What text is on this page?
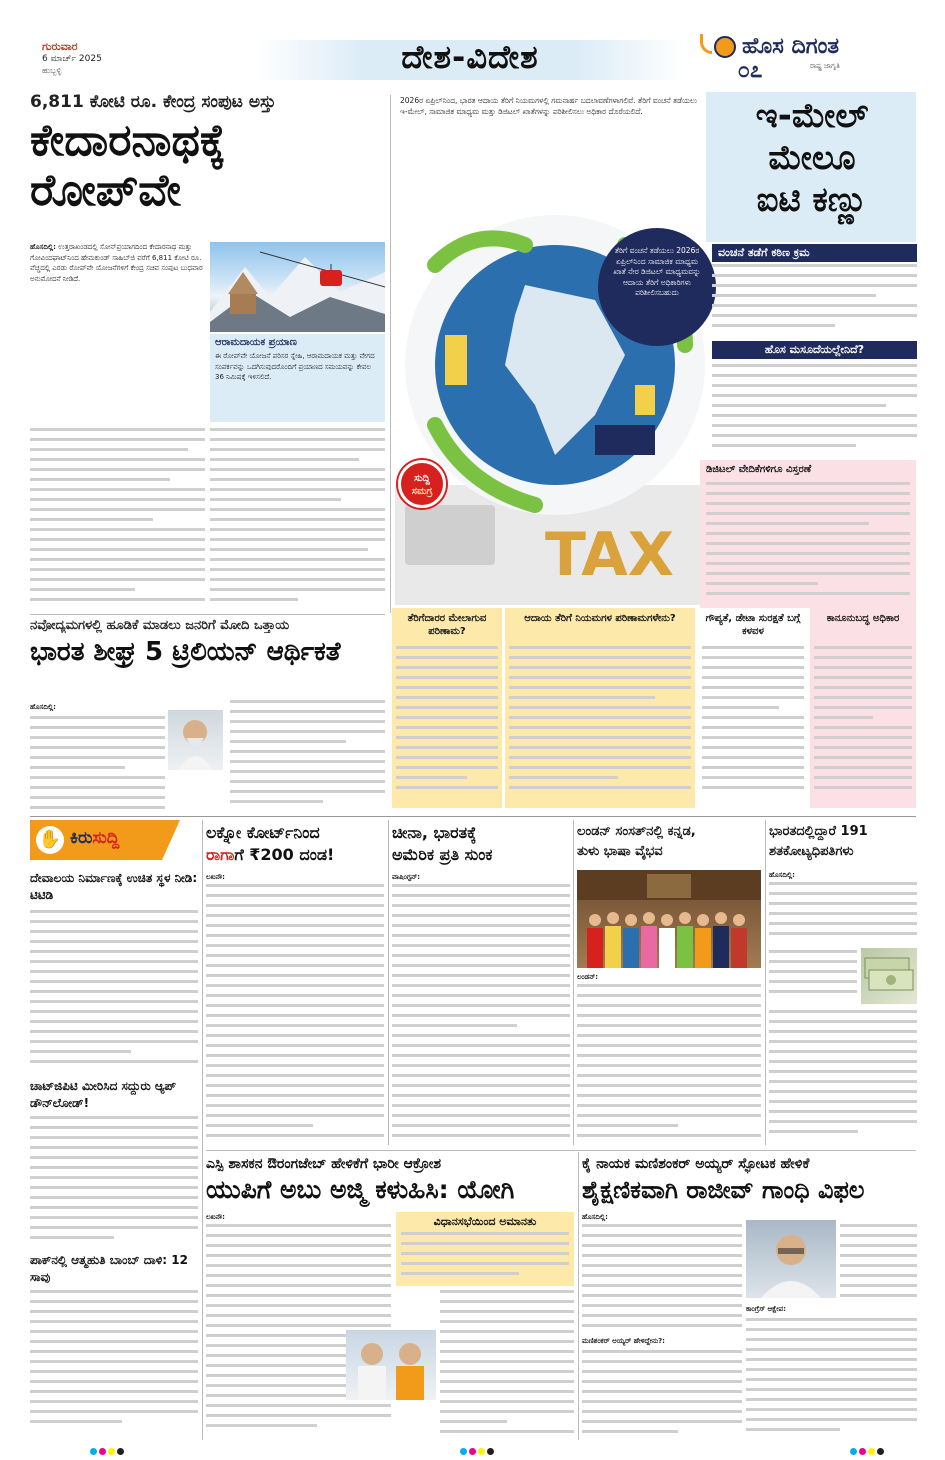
ಗುರುವಾರ
6 ಮಾರ್ಚ್ 2025
ಹುಬ್ಬಳ್ಳಿ	ದೇಶ-ವಿದೇಶ	ಹೊಸ ದಿಗಂತ
ರಾಷ್ಟ್ರ ಜಾಗೃತಿ
೦೭
6,811 ಕೋಟಿ ರೂ. ಕೇಂದ್ರ ಸಂಪುಟ ಅಸ್ತು
ಕೇದಾರನಾಥಕ್ಕೆ
ರೋಪ್‌ವೇ
ಹೊಸದಿಲ್ಲಿ: ಉತ್ತರಾಖಂಡದಲ್ಲಿ ಸೋನ್‌ಪ್ರಯಾಗದಿಂದ ಕೇದಾರನಾಥ ಮತ್ತು ಗೋವಿಂದಘಾಟ್‌ನಿಂದ ಹೇಮಕುಂಡ್ ಸಾಹಿಬ್‌ಜಿ ವರೆಗೆ 6,811 ಕೋಟಿ ರೂ. ವೆಚ್ಚದಲ್ಲಿ ಎರಡು ರೋಪ್‌ವೇ ಯೋಜನೆಗಳಿಗೆ ಕೇಂದ್ರ ಸಚಿವ ಸಂಪುಟ ಬುಧವಾರ ಅನುಮೋದನೆ ನೀಡಿದೆ.
ಆರಾಮದಾಯಕ ಪ್ರಯಾಣ
ಈ ರೋಪ್‌ವೇ ಯೋಜನೆ ಪರಿಸರ ಸ್ನೇಹಿ, ಆರಾಮದಾಯಕ ಮತ್ತು ವೇಗದ ಸಂಪರ್ಕವನ್ನು ಒದಗಿಸುವುದರೊಂದಿಗೆ ಪ್ರಯಾಣದ ಸಮಯವನ್ನು ಕೇವಲ 36 ನಿಮಿಷಕ್ಕೆ ಇಳಿಸಲಿದೆ.
2026ರ ಏಪ್ರಿಲ್‌ನಿಂದ, ಭಾರತ ಆದಾಯ ತೆರಿಗೆ ನಿಯಮಗಳಲ್ಲಿ ಗಮನಾರ್ಹ ಬದಲಾವಣೆಗಳಾಗಲಿವೆ. ತೆರಿಗೆ ವಂಚನೆ ತಡೆಯಲು ಇ-ಮೇಲ್, ಸಾಮಾಜಿಕ ಮಾಧ್ಯಮ ಮತ್ತು ಡಿಜಿಟಲ್ ಖಾತೆಗಳನ್ನು ಪರಿಶೀಲಿಸಲು ಅಧಿಕಾರ ದೊರೆಯಲಿದೆ.
TAX
ಸುದ್ದಿ
ಸಮಗ್ರ
ತೆರಿಗೆ ವಂಚನೆ ತಡೆಯಲು 2026ರ ಏಪ್ರಿಲ್‌ನಿಂದ ಸಾಮಾಜಿಕ ಮಾಧ್ಯಮ ಖಾತೆ ನೇರ ಡಿಜಿಟಲ್ ಮಾಧ್ಯಮವನ್ನು ಆದಾಯ ತೆರಿಗೆ ಅಧಿಕಾರಿಗಳು ಪರಿಶೀಲಿಸಬಹುದು
ಇ-ಮೇಲ್
ಮೇಲೂ
ಐಟಿ ಕಣ್ಣು
ವಂಚನೆ ತಡೆಗೆ ಕಠಿಣ ಕ್ರಮ
ಹೊಸ ಮಸೂದೆಯಲ್ಲೇನಿದೆ?
ಡಿಜಿಟಲ್ ವೇದಿಕೆಗಳಿಗೂ ವಿಸ್ತರಣೆ
ನವೋದ್ಯಮಗಳಲ್ಲಿ ಹೂಡಿಕೆ ಮಾಡಲು ಜನರಿಗೆ ಮೋದಿ ಒತ್ತಾಯ
ಭಾರತ ಶೀಘ್ರ 5 ಟ್ರಿಲಿಯನ್ ಆರ್ಥಿಕತೆ
ಹೊಸದಿಲ್ಲಿ:
ತೆರಿಗೆದಾರರ ಮೇಲಾಗುವ ಪರಿಣಾಮ?
ಆದಾಯ ತೆರಿಗೆ ನಿಯಮಗಳ ಪರಿಣಾಮಗಳೇನು?	ಗೌಪ್ಯತೆ, ಡೇಟಾ ಸುರಕ್ಷತೆ ಬಗ್ಗೆ ಕಳವಳ
ಕಾನೂನುಬದ್ಧ ಅಧಿಕಾರ
✋ ಕಿರುಸುದ್ದಿ
ದೇವಾಲಯ ನಿರ್ಮಾಣಕ್ಕೆ ಉಚಿತ ಸ್ಥಳ ನೀಡಿ: ಟಿಟಿಡಿ
ಚಾಟ್‌ಜಿಪಿಟಿ ಮೀರಿಸಿದ ಸದ್ದುರು ಆ್ಯಪ್ ಡೌನ್‌ಲೋಡ್!
ಪಾಕ್‌ನಲ್ಲಿ ಆತ್ಮಹುತಿ ಬಾಂಬ್ ದಾಳಿ: 12 ಸಾವು
ಲಕ್ನೋ ಕೋರ್ಟ್‌ನಿಂದ
ರಾಗಾಗೆ ₹200 ದಂಡ!
ಲಖನೌ:
ಚೀನಾ, ಭಾರತಕ್ಕೆ
ಅಮೆರಿಕ ಪ್ರತಿ ಸುಂಕ
ವಾಷಿಂಗ್ಟನ್:
ಲಂಡನ್ ಸಂಸತ್‌ನಲ್ಲಿ ಕನ್ನಡ,
ತುಳು ಭಾಷಾ ವೈಭವ
ಲಂಡನ್:
ಭಾರತದಲ್ಲಿದ್ದಾರೆ 191
ಶತಕೋಟ್ಯಧಿಪತಿಗಳು
ಹೊಸದಿಲ್ಲಿ:
ಎಸ್ಪಿ ಶಾಸಕನ ಔರಂಗಜೇಬ್ ಹೇಳಿಕೆಗೆ ಭಾರೀ ಆಕ್ರೋಶ
ಯುಪಿಗೆ ಅಬು ಅಜ್ಮಿ ಕಳುಹಿಸಿ: ಯೋಗಿ
ಲಖನೌ:	ವಿಧಾನಸಭೆಯಿಂದ ಅಮಾನತು
ಕೈ ನಾಯಕ ಮಣಿಶಂಕರ್ ಅಯ್ಯರ್ ಸ್ಫೋಟಕ ಹೇಳಿಕೆ
ಶೈಕ್ಷಣಿಕವಾಗಿ ರಾಜೀವ್ ಗಾಂಧಿ ವಿಫಲ
ಹೊಸದಿಲ್ಲಿ:
ಮಣಿಶಂಕರ್ ಅಯ್ಯರ್ ಹೇಳಿದ್ದೇನು?:
ಕಾಂಗ್ರೆಸ್ ಆಕ್ಷೇಪ:
